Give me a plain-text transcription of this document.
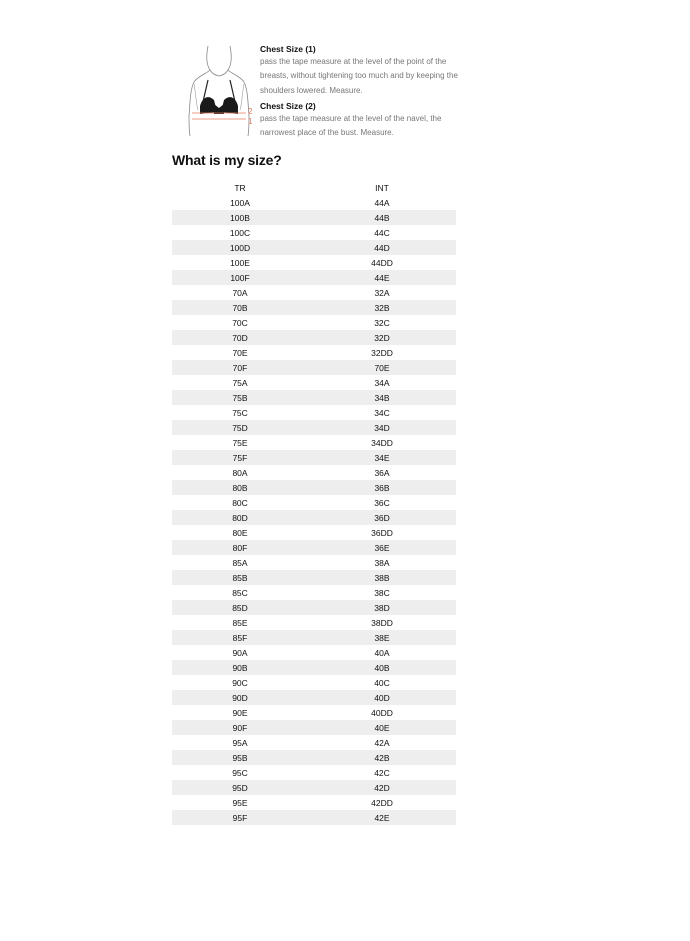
2
1
Chest Size (1)

pass the tape measure at the level of the point of the breasts, without tightening too much and by keeping the shoulders lowered. Measure.

Chest Size (2)

pass the tape measure at the level of the navel, the narrowest place of the bust. Measure.

What is my size?
TR	INT
100A	44A
100B	44B
100C	44C
100D	44D
100E	44DD
100F	44E
70A	32A
70B	32B
70C	32C
70D	32D
70E	32DD
70F	70E
75A	34A
75B	34B
75C	34C
75D	34D
75E	34DD
75F	34E
80A	36A
80B	36B
80C	36C
80D	36D
80E	36DD
80F	36E
85A	38A
85B	38B
85C	38C
85D	38D
85E	38DD
85F	38E
90A	40A
90B	40B
90C	40C
90D	40D
90E	40DD
90F	40E
95A	42A
95B	42B
95C	42C
95D	42D
95E	42DD
95F	42E
